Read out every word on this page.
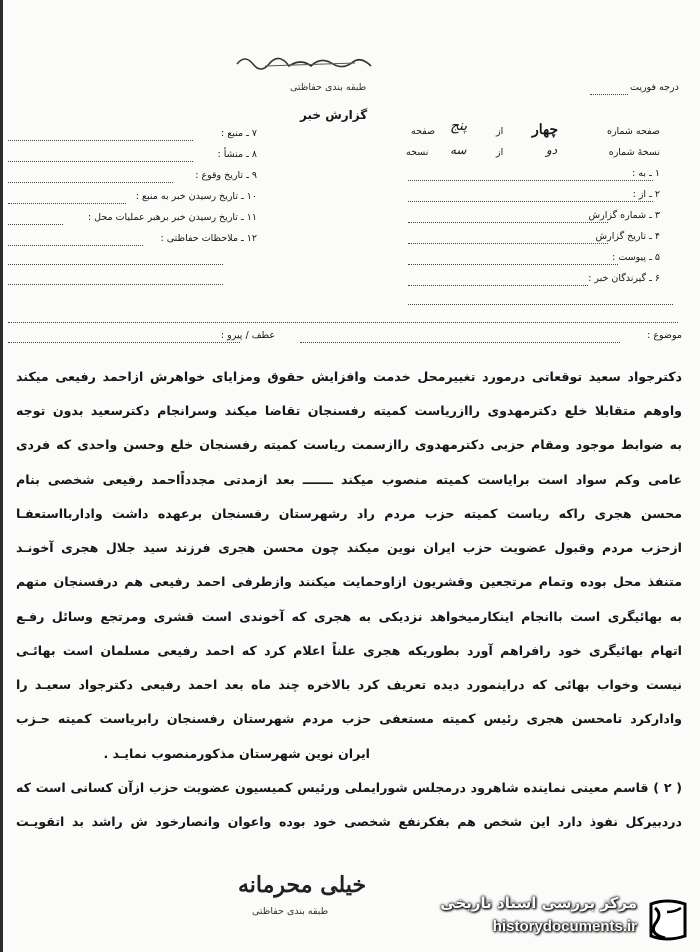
طبقه بندی حفاظتی	درجه فوریت
گزارش خبر
صفحه شماره
چهار
از
پنج
صفحه
نسخهٔ شماره
دو
از
سه
نسخه
۱ ـ به :
۲ ـ از :
۳ ـ شماره گزارش
۴ ـ تاریخ گزارش
۵ ـ پیوست :
۶ ـ گیرندگان خبر :
۷ ـ منبع :
۸ ـ منشأ :
۹ ـ تاریخ وقوع :
۱۰ ـ تاریخ رسیدن خبر به منبع :
۱۱ ـ تاریخ رسیدن خبر برهبر عملیات محل :
۱۲ ـ ملاحظات حفاظتی :
موضوع :
عطف / پیرو :
دکترجواد سعید توقعاتی درمورد تغییرمحل خدمت وافزایش حقوق ومزایای خواهرش ازاحمد رفیعی میکند
واوهم متقابلا خلع دکترمهدوی راازریاست کمیته رفسنجان تقاضا میکند وسرانجام دکترسعید بدون توجه
به ضوابط موجود ومقام حزبی دکترمهدوی راازسمت ریاست کمیته رفسنجان خلع وحسن واحدی که فردی
عامی وکم سواد است برایاست کمیته منصوب میکند ـــــــ بعد ازمدتی مجدداًاحمد رفیعی شخصی بنام
محسن هجری راکه ریاست کمیته حزب مردم راد رشهرستان رفسنجان برعهده داشت واداربااستعفـا
ازحزب مردم وقبول عضویت حزب ایران نوین میکند چون محسن هجری فرزند سید جلال هجری آخونـد
متنفذ محل بوده وتمام مرتجعین وقشریون ازاوحمایت میکنند وازطرفی احمد رفیعی هم درفسنجان متهم
به بهائیگری است باانجام اینکارمیخواهد نزدیکی به هجری که آخوندی است قشری ومرتجع وسائل رفـع
اتهام بهائیگری خود رافراهم آورد بطوریکه هجری علناً اعلام کرد که احمد رفیعی مسلمان است بهائـی
نیست وخواب بهائی که دراینمورد دیده تعریف کرد بالاخره چند ماه بعد احمد رفیعی دکترجواد سعیـد را
وادارکرد تامحسن هجری رئیس کمیته مستعفی حزب مردم شهرستان رفسنجان رابریاست کمیته حـزب
ایران نوین شهرستان مذکورمنصوب نمایـد .
( ۲ ) قاسم معینی نماینده شاهرود درمجلس شورایملی ورئیس کمیسیون عضویت حزب ازآن کسانی است که
دردبیرکل نفوذ دارد این شخص هم بفکرنفع شخصی خود بوده واعوان وانصارخود ش راشد بد اتقویـت
خیلی محرمانه
طبقه بندی حفاظتی	مرکز بررسی اسناد تاریخی
historydocuments.ir
